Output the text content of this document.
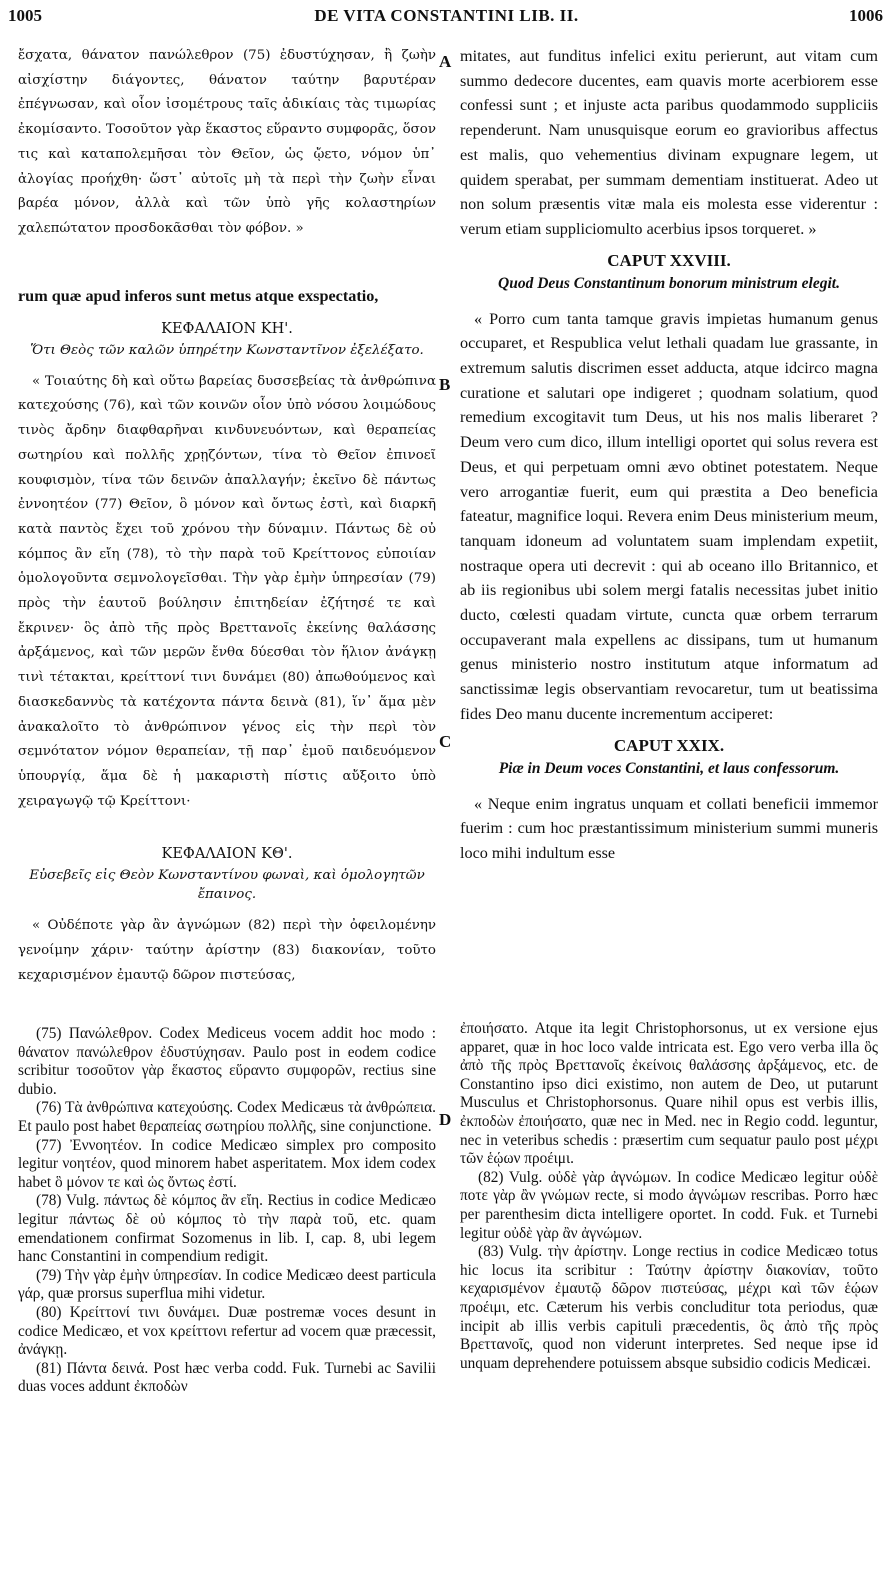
1005	DE VITA CONSTANTINI LIB. II.	1006
A
B
C
D

ἔσχατα, θάνατον πανώλεθρον (75) ἐδυστύχησαν, ἢ ζωὴν αἰσχίστην διάγοντες, θάνατον ταύτην βαρυτέραν ἐπέγνωσαν, καὶ οἷον ἰσομέτρους ταῖς ἀδικίαις τὰς τιμωρίας ἐκομίσαντο. Τοσοῦτον γὰρ ἕκαστος εὕραντο συμφορᾶς, ὅσον τις καὶ καταπολεμῆσαι τὸν Θεῖον, ὡς ᾤετο, νόμον ὑπ᾽ ἀλογίας προήχθη· ὥστ᾽ αὐτοῖς μὴ τὰ περὶ τὴν ζωὴν εἶναι βαρέα μόνον, ἀλλὰ καὶ τῶν ὑπὸ γῆς κολαστηρίων χαλεπώτατον προσδοκᾶσθαι τὸν φόβον. »

rum quæ apud inferos sunt metus atque exspectatio,

ΚΕΦΑΛΑΙΟΝ ΚΗ'.
Ὅτι Θεὸς τῶν καλῶν ὑπηρέτην Κωνσταντῖνον ἐξελέξατο.

« Τοιαύτης δὴ καὶ οὕτω βαρείας δυσσεβείας τὰ ἀνθρώπινα κατεχούσης (76), καὶ τῶν κοινῶν οἷον ὑπὸ νόσου λοιμώδους τινὸς ἄρδην διαφθαρῆναι κινδυνευόντων, καὶ θεραπείας σωτηρίου καὶ πολλῆς χρῃζόντων, τίνα τὸ Θεῖον ἐπινοεῖ κουφισμὸν, τίνα τῶν δεινῶν ἀπαλλαγήν; ἐκεῖνο δὲ πάντως ἐννοητέον (77) Θεῖον, ὃ μόνον καὶ ὄντως ἐστὶ, καὶ διαρκῆ κατὰ παντὸς ἔχει τοῦ χρόνου τὴν δύναμιν. Πάντως δὲ οὐ κόμπος ἂν εἴη (78), τὸ τὴν παρὰ τοῦ Κρείττονος εὐποιίαν ὁμολογοῦντα σεμνολογεῖσθαι. Τὴν γὰρ ἐμὴν ὑπηρεσίαν (79) πρὸς τὴν ἑαυτοῦ βούλησιν ἐπιτηδείαν ἐζήτησέ τε καὶ ἔκρινεν· ὃς ἀπὸ τῆς πρὸς Βρεττανοῖς ἐκείνης θαλάσσης ἀρξάμενος, καὶ τῶν μερῶν ἔνθα δύεσθαι τὸν ἥλιον ἀνάγκῃ τινὶ τέτακται, κρείττονί τινι δυνάμει (80) ἀπωθούμενος καὶ διασκεδαννὺς τὰ κατέχοντα πάντα δεινὰ (81), ἵν᾽ ἅμα μὲν ἀνακαλοῖτο τὸ ἀνθρώπινον γένος εἰς τὴν περὶ τὸν σεμνότατον νόμον θεραπείαν, τῇ παρ᾽ ἐμοῦ παιδευόμενον ὑπουργίᾳ, ἅμα δὲ ἡ μακαριστὴ πίστις αὔξοιτο ὑπὸ χειραγωγῷ τῷ Κρείττονι·

ΚΕΦΑΛΑΙΟΝ ΚΘ'.
Εὐσεβεῖς εἰς Θεὸν Κωνσταντίνου φωναὶ, καὶ ὁμολογητῶν ἔπαινος.

« Οὐδέποτε γὰρ ἂν ἀγνώμων (82) περὶ τὴν ὀφειλομένην γενοίμην χάριν· ταύτην ἀρίστην (83) διακονίαν, τοῦτο κεχαρισμένον ἐμαυτῷ δῶρον πιστεύσας,

(75) Πανώλεθρον. Codex Mediceus vocem addit hoc modo : θάνατον πανώλεθρον ἐδυστύχησαν. Paulo post in eodem codice scribitur τοσοῦτον γὰρ ἕκαστος εὕραντο συμφορῶν, rectius sine dubio.

(76) Τὰ ἀνθρώπινα κατεχούσης. Codex Medicæus τὰ ἀνθρώπεια. Et paulo post habet θεραπείας σωτηρίου πολλῆς, sine conjunctione.

(77) Ἐννοητέον. In codice Medicæo simplex pro composito legitur νοητέον, quod minorem habet asperitatem. Mox idem codex habet ὃ μόνον τε καὶ ὡς ὄντως ἐστί.

(78) Vulg. πάντως δὲ κόμπος ἂν εἴη. Rectius in codice Medicæo legitur πάντως δὲ οὐ κόμπος τὸ τὴν παρὰ τοῦ, etc. quam emendationem confirmat Sozomenus in lib. I, cap. 8, ubi legem hanc Constantini in compendium redigit.

(79) Τὴν γὰρ ἐμὴν ὑπηρεσίαν. In codice Medicæo deest particula γάρ, quæ prorsus superflua mihi videtur.

(80) Κρείττονί τινι δυνάμει. Duæ postremæ voces desunt in codice Medicæo, et vox κρείττονι refertur ad vocem quæ præcessit, ἀνάγκῃ.

(81) Πάντα δεινά. Post hæc verba codd. Fuk. Turnebi ac Savilii duas voces addunt ἐκποδὼν

mitates, aut funditus infelici exitu perierunt, aut vitam cum summo dedecore ducentes, eam quavis morte acerbiorem esse confessi sunt ; et injuste acta paribus quodammodo suppliciis rependerunt. Nam unusquisque eorum eo gravioribus affectus est malis, quo vehementius divinam expugnare legem, ut quidem sperabat, per summam dementiam instituerat. Adeo ut non solum præsentis vitæ mala eis molesta esse viderentur : verum etiam suppliciomulto acerbius ipsos torqueret. »

CAPUT XXVIII.
Quod Deus Constantinum bonorum ministrum elegit.

« Porro cum tanta tamque gravis impietas humanum genus occuparet, et Respublica velut lethali quadam lue grassante, in extremum salutis discrimen esset adducta, atque idcirco magna curatione et salutari ope indigeret ; quodnam solatium, quod remedium excogitavit tum Deus, ut his nos malis liberaret ? Deum vero cum dico, illum intelligi oportet qui solus revera est Deus, et qui perpetuam omni ævo obtinet potestatem. Neque vero arrogantiæ fuerit, eum qui præstita a Deo beneficia fateatur, magnifice loqui. Revera enim Deus ministerium meum, tanquam idoneum ad voluntatem suam implendam expetiit, nostraque opera uti decrevit : qui ab oceano illo Britannico, et ab iis regionibus ubi solem mergi fatalis necessitas jubet initio ducto, cœlesti quadam virtute, cuncta quæ orbem terrarum occupaverant mala expellens ac dissipans, tum ut humanum genus ministerio nostro institutum atque informatum ad sanctissimæ legis observantiam revocaretur, tum ut beatissima fides Deo manu ducente incrementum acciperet:

CAPUT XXIX.
Piæ in Deum voces Constantini, et laus confessorum.

« Neque enim ingratus unquam et collati beneficii immemor fuerim : cum hoc præstantissimum ministerium summi muneris loco mihi indultum esse

ἐποιήσατο. Atque ita legit Christophorsonus, ut ex versione ejus apparet, quæ in hoc loco valde intricata est. Ego vero verba illa ὃς ἀπὸ τῆς πρὸς Βρεττανοῖς ἐκείνοις θαλάσσης ἀρξάμενος, etc. de Constantino ipso dici existimo, non autem de Deo, ut putarunt Musculus et Christophorsonus. Quare nihil opus est verbis illis, ἐκποδὼν ἐποιήσατο, quæ nec in Med. nec in Regio codd. leguntur, nec in veteribus schedis : præsertim cum sequatur paulo post μέχρι τῶν ἑῴων προέιμι.

(82) Vulg. οὐδὲ γὰρ ἀγνώμων. In codice Medicæo legitur οὐδὲ ποτε γὰρ ἂν γνώμων recte, si modo ἀγνώμων rescribas. Porro hæc per parenthesim dicta intelligere oportet. In codd. Fuk. et Turnebi legitur οὐδὲ γὰρ ἂν ἀγνώμων.

(83) Vulg. τὴν ἀρίστην. Longe rectius in codice Medicæo totus hic locus ita scribitur : Ταύτην ἀρίστην διακονίαν, τοῦτο κεχαρισμένον ἐμαυτῷ δῶρον πιστεύσας, μέχρι καὶ τῶν ἑῴων προέιμι, etc. Cæterum his verbis concluditur tota periodus, quæ incipit ab illis verbis capituli præcedentis, ὃς ἀπὸ τῆς πρὸς Βρεττανοῖς, quod non viderunt interpretes. Sed neque ipse id unquam deprehendere potuissem absque subsidio codicis Medicæi.
